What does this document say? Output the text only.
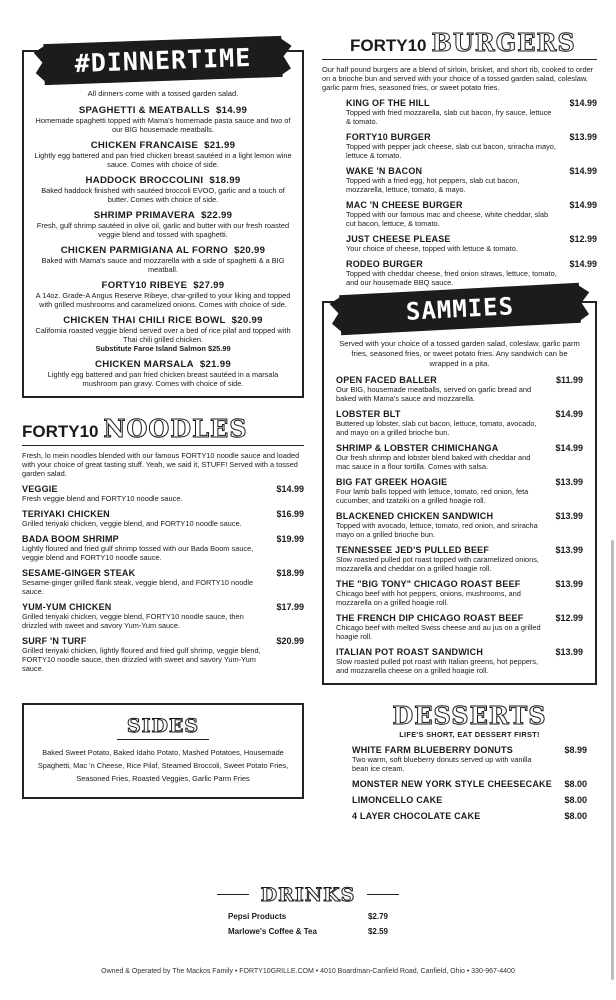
#DINNERTIME
All dinners come with a tossed garden salad.
SPAGHETTI & MEATBALLS $14.99
Homemade spaghetti topped with Mama's homemade pasta sauce and two of our BIG housemade meatballs.
CHICKEN FRANCAISE $21.99
Lightly egg battered and pan fried chicken breast sautéed in a light lemon wine sauce. Comes with choice of side.
HADDOCK BROCCOLINI $18.99
Baked haddock finished with sautéed broccoli EVOO, garlic and a touch of butter. Comes with choice of side.
SHRIMP PRIMAVERA $22.99
Fresh, gulf shrimp sautéed in olive oil, garlic and butter with our fresh roasted veggie blend and tossed with spaghetti.
CHICKEN PARMIGIANA AL FORNO $20.99
Baked with Mama's sauce and mozzarella with a side of spaghetti & a BIG meatball.
FORTY10 RIBEYE $27.99
A 14oz. Grade-A Angus Reserve Ribeye, char-grilled to your liking and topped with grilled mushrooms and caramelized onions. Comes with choice of side.
CHICKEN THAI CHILI RICE BOWL $20.99
California roasted veggie blend served over a bed of rice pilaf and topped with Thai chili grilled chicken.
Substitute Faroe Island Salmon $25.99
CHICKEN MARSALA $21.99
Lightly egg battered and pan fried chicken breast sautéed in a marsala mushroom pan gravy. Comes with choice of side.
FORTY10 NOODLES
Fresh, lo mein noodles blended with our famous FORTY10 noodle sauce and loaded with your choice of great tasting stuff. Yeah, we said it, STUFF! Served with a tossed garden salad.
VEGGIE	$14.99
Fresh veggie blend and FORTY10 noodle sauce.
TERIYAKI CHICKEN	$16.99
Grilled teriyaki chicken, veggie blend, and FORTY10 noodle sauce.
BADA BOOM SHRIMP	$19.99
Lightly floured and fried gulf shrimp tossed with our Bada Boom sauce, veggie blend and FORTY10 noodle sauce.
SESAME-GINGER STEAK	$18.99
Sesame-ginger grilled flank steak, veggie blend, and FORTY10 noodle sauce.
YUM-YUM CHICKEN	$17.99
Grilled teriyaki chicken, veggie blend, FORTY10 noodle sauce, then drizzled with sweet and savory Yum-Yum sauce.
SURF 'N TURF	$20.99
Grilled teriyaki chicken, lightly floured and fried gulf shrimp, veggie blend, FORTY10 noodle sauce, then drizzled with sweet and savory Yum-Yum sauce.
SIDES
Baked Sweet Potato, Baked Idaho Potato, Mashed Potatoes, Housemade Spaghetti, Mac 'n Cheese, Rice Pilaf, Steamed Broccoli, Sweet Potato Fries, Seasoned Fries, Roasted Veggies, Garlic Parm Fries
FORTY10 BURGERS
Our half pound burgers are a blend of sirloin, brisket, and short rib, cooked to order on a brioche bun and served with your choice of a tossed garden salad, coleslaw, garlic parm fries, seasoned fries, or sweet potato fries.
KING OF THE HILL	$14.99
Topped with fried mozzarella, slab cut bacon, fry sauce, lettuce & tomato.
FORTY10 BURGER	$13.99
Topped with pepper jack cheese, slab cut bacon, sriracha mayo, lettuce & tomato.
WAKE 'N BACON	$14.99
Topped with a fried egg, hot peppers, slab cut bacon, mozzarella, lettuce, tomato, & mayo.
MAC 'N CHEESE BURGER	$14.99
Topped with our famous mac and cheese, white cheddar, slab cut bacon, lettuce, & tomato.
JUST CHEESE PLEASE	$12.99
Your choice of cheese, topped with lettuce & tomato.
RODEO BURGER	$14.99
Topped with cheddar cheese, fried onion straws, lettuce, tomato, and our housemade BBQ sauce.
SAMMIES
Served with your choice of a tossed garden salad, coleslaw, garlic parm fries, seasoned fries, or sweet potato fries. Any sandwich can be wrapped in a pita.
OPEN FACED BALLER	$11.99
Our BIG, housemade meatballs, served on garlic bread and baked with Mama's sauce and mozzarella.
LOBSTER BLT	$14.99
Buttered up lobster, slab cut bacon, lettuce, tomato, avocado, and mayo on a grilled brioche bun.
SHRIMP & LOBSTER CHIMICHANGA	$14.99
Our fresh shrimp and lobster blend baked with cheddar and mac sauce in a flour tortilla. Comes with salsa.
BIG FAT GREEK HOAGIE	$13.99
Four lamb balls topped with lettuce, tomato, red onion, feta cucumber, and tzatziki on a grilled hoagie roll.
BLACKENED CHICKEN SANDWICH	$13.99
Topped with avocado, lettuce, tomato, red onion, and sriracha mayo on a grilled brioche bun.
TENNESSEE JED'S PULLED BEEF	$13.99
Slow roasted pulled pot roast topped with caramelized onions, mozzarella and cheddar on a grilled hoagie roll.
THE "BIG TONY" CHICAGO ROAST BEEF	$13.99
Chicago beef with hot peppers, onions, mushrooms, and mozzarella on a grilled hoagie roll.
THE FRENCH DIP CHICAGO ROAST BEEF	$12.99
Chicago beef with melted Swiss cheese and au jus on a grilled hoagie roll.
ITALIAN POT ROAST SANDWICH	$13.99
Slow roasted pulled pot roast with Italian greens, hot peppers, and mozzarella cheese on a grilled hoagie roll.
DESSERTS
LIFE'S SHORT, EAT DESSERT FIRST!
WHITE FARM BLUEBERRY DONUTS	$8.99
Two warm, soft blueberry donuts served up with vanilla bean ice cream.
MONSTER NEW YORK STYLE CHEESECAKE $8.00
LIMONCELLO CAKE	$8.00
4 LAYER CHOCOLATE CAKE	$8.00
DRINKS
Pepsi Products	$2.79
Marlowe's Coffee & Tea	$2.59
Owned & Operated by The Mackos Family • FORTY10GRILLE.COM • 4010 Boardman-Canfield Road, Canfield, Ohio • 330-967-4400
